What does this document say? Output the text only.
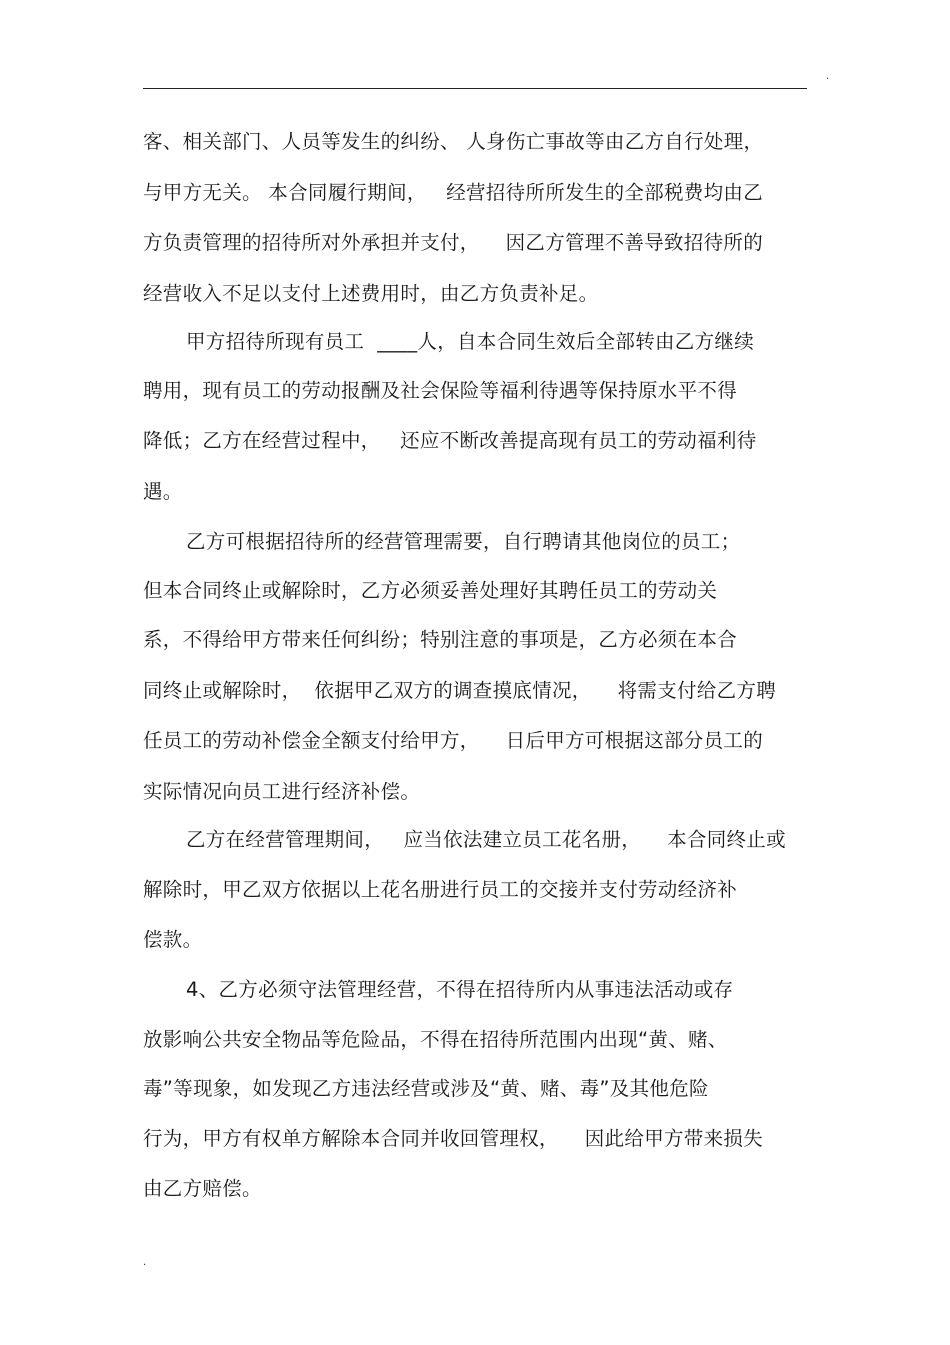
.
客、相关部门、人员等发生的纠纷、 人身伤亡事故等由乙方自行处理，
与甲方无关。 本合同履行期间，   经营招待所所发生的全部税费均由乙
方负责管理的招待所对外承担并支付，    因乙方管理不善导致招待所的
经营收入不足以支付上述费用时，由乙方负责补足。
甲方招待所现有员工  ____人，自本合同生效后全部转由乙方继续
聘用，现有员工的劳动报酬及社会保险等福利待遇等保持原水平不得
降低；乙方在经营过程中，   还应不断改善提高现有员工的劳动福利待
遇。
乙方可根据招待所的经营管理需要，自行聘请其他岗位的员工；
但本合同终止或解除时，乙方必须妥善处理好其聘任员工的劳动关
系，不得给甲方带来任何纠纷；特别注意的事项是，乙方必须在本合
同终止或解除时，  依据甲乙双方的调查摸底情况，    将需支付给乙方聘
任员工的劳动补偿金全额支付给甲方，    日后甲方可根据这部分员工的
实际情况向员工进行经济补偿。
乙方在经营管理期间，   应当依法建立员工花名册，    本合同终止或
解除时，甲乙双方依据以上花名册进行员工的交接并支付劳动经济补
偿款。
4、乙方必须守法管理经营，不得在招待所内从事违法活动或存
放影响公共安全物品等危险品，不得在招待所范围内出现“黄、赌、
毒”等现象，如发现乙方违法经营或涉及“黄、赌、毒”及其他危险
行为，甲方有权单方解除本合同并收回管理权，    因此给甲方带来损失
由乙方赔偿。
.
